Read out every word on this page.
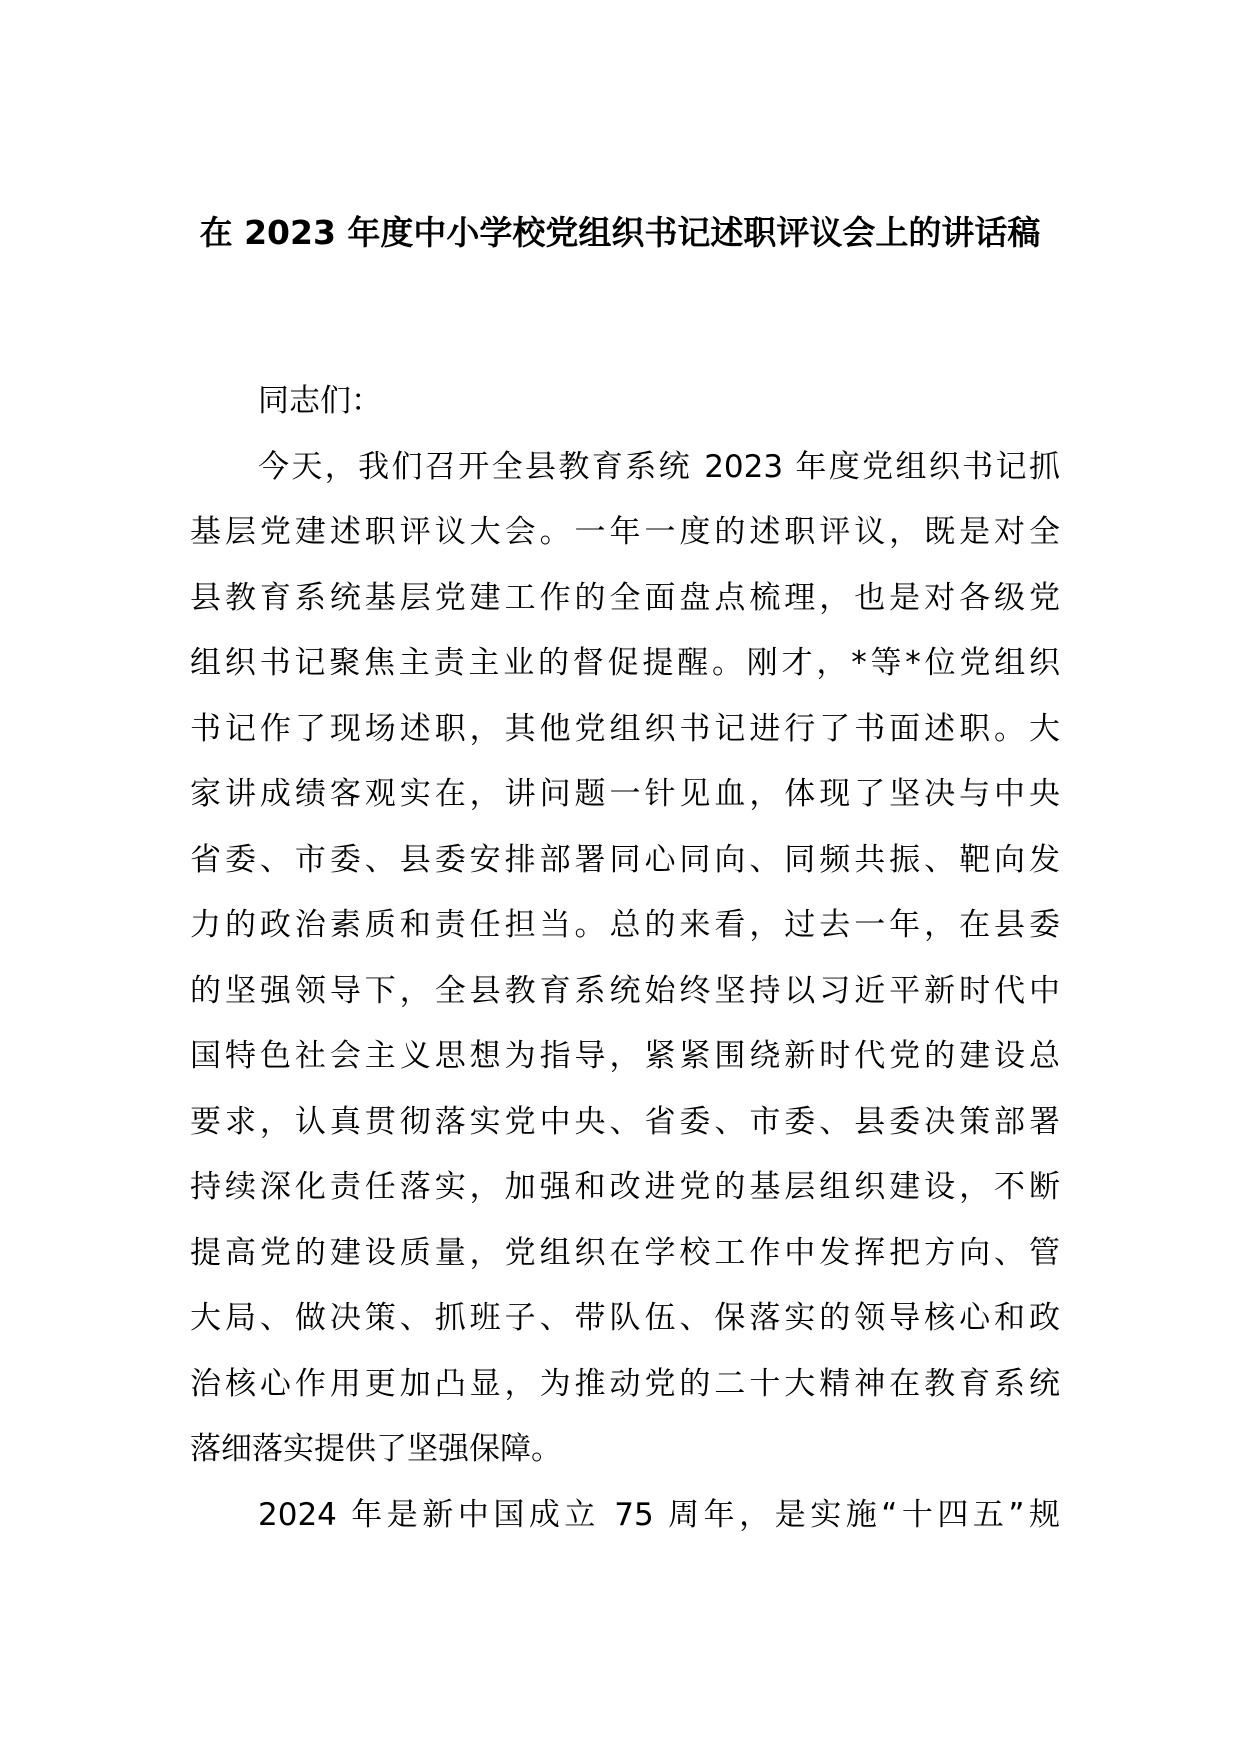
在 2023 年度中小学校党组织书记述职评议会上的讲话稿
同志们：
今天，我们召开全县教育系统 2023 年度党组织书记抓
基层党建述职评议大会。一年一度的述职评议，既是对全
县教育系统基层党建工作的全面盘点梳理，也是对各级党
组织书记聚焦主责主业的督促提醒。刚才，*等*位党组织
书记作了现场述职，其他党组织书记进行了书面述职。大
家讲成绩客观实在，讲问题一针见血，体现了坚决与中央
省委、市委、县委安排部署同心同向、同频共振、靶向发
力的政治素质和责任担当。总的来看，过去一年，在县委
的坚强领导下，全县教育系统始终坚持以习近平新时代中
国特色社会主义思想为指导，紧紧围绕新时代党的建设总
要求，认真贯彻落实党中央、省委、市委、县委决策部署
持续深化责任落实，加强和改进党的基层组织建设，不断
提高党的建设质量，党组织在学校工作中发挥把方向、管
大局、做决策、抓班子、带队伍、保落实的领导核心和政
治核心作用更加凸显，为推动党的二十大精神在教育系统
落细落实提供了坚强保障。
2024 年是新中国成立 75 周年，是实施“十四五”规
